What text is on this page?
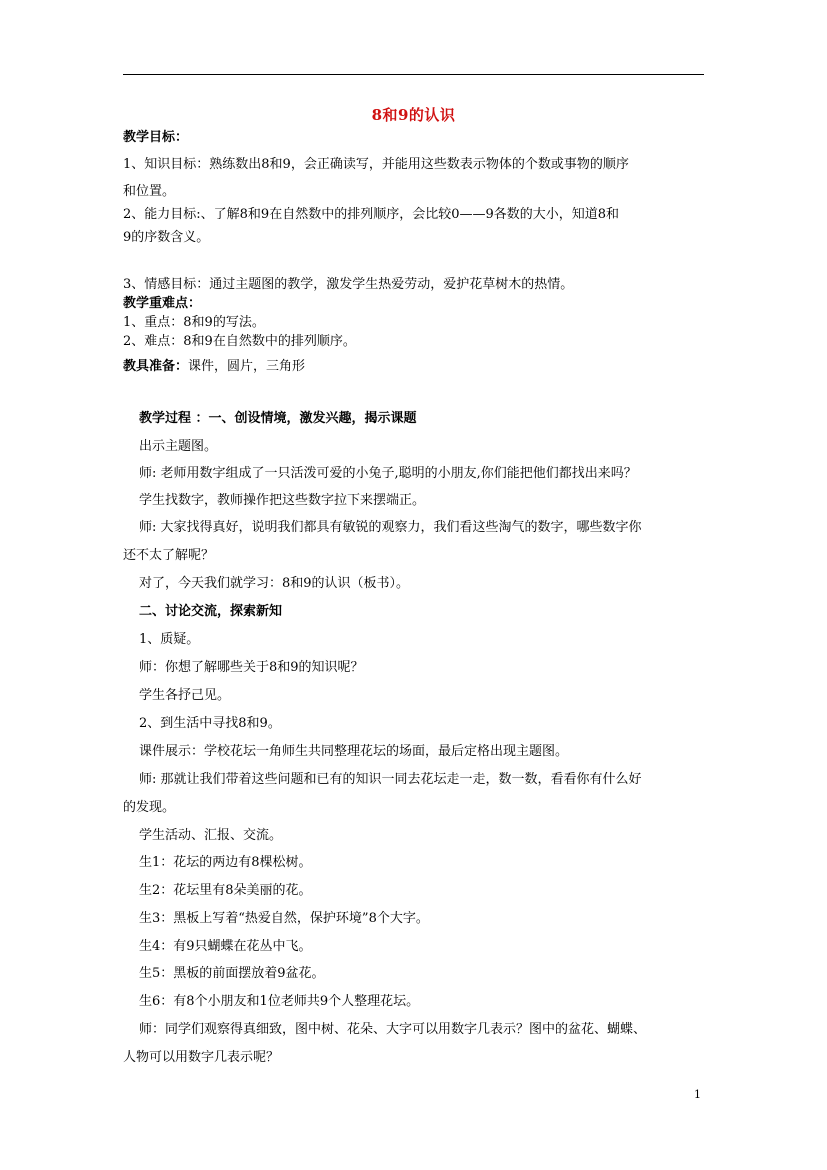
8和9的认识
教学目标：
1、知识目标：熟练数出8和9，会正确读写，并能用这些数表示物体的个数或事物的顺序
和位置。
2、能力目标:、了解8和9在自然数中的排列顺序，会比较0——9各数的大小，知道8和
9的序数含义。
3、情感目标：通过主题图的教学，激发学生热爱劳动，爱护花草树木的热情。
教学重难点：
1、重点：8和9的写法。
2、难点：8和9在自然数中的排列顺序。
教具准备：课件，圆片，三角形
教学过程 ：一、创设情境，激发兴趣，揭示课题
出示主题图。
师: 老师用数字组成了一只活泼可爱的小兔子,聪明的小朋友,你们能把他们都找出来吗？
学生找数字，教师操作把这些数字拉下来摆端正。
师: 大家找得真好，说明我们都具有敏锐的观察力，我们看这些淘气的数字，哪些数字你
还不太了解呢？
对了，今天我们就学习：8和9的认识（板书）。
二、讨论交流，探索新知
1、质疑。
师：你想了解哪些关于8和9的知识呢？
学生各抒己见。
2、到生活中寻找8和9。
课件展示：学校花坛一角师生共同整理花坛的场面，最后定格出现主题图。
师: 那就让我们带着这些问题和已有的知识一同去花坛走一走，数一数，看看你有什么好
的发现。
学生活动、汇报、交流。
生1：花坛的两边有8棵松树。
生2：花坛里有8朵美丽的花。
生3：黑板上写着“热爱自然，保护环境”8个大字。
生4：有9只蝴蝶在花丛中飞。
生5：黑板的前面摆放着9盆花。
生6：有8个小朋友和1位老师共9个人整理花坛。
师：同学们观察得真细致，图中树、花朵、大字可以用数字几表示？图中的盆花、蝴蝶、
人物可以用数字几表示呢？
1
